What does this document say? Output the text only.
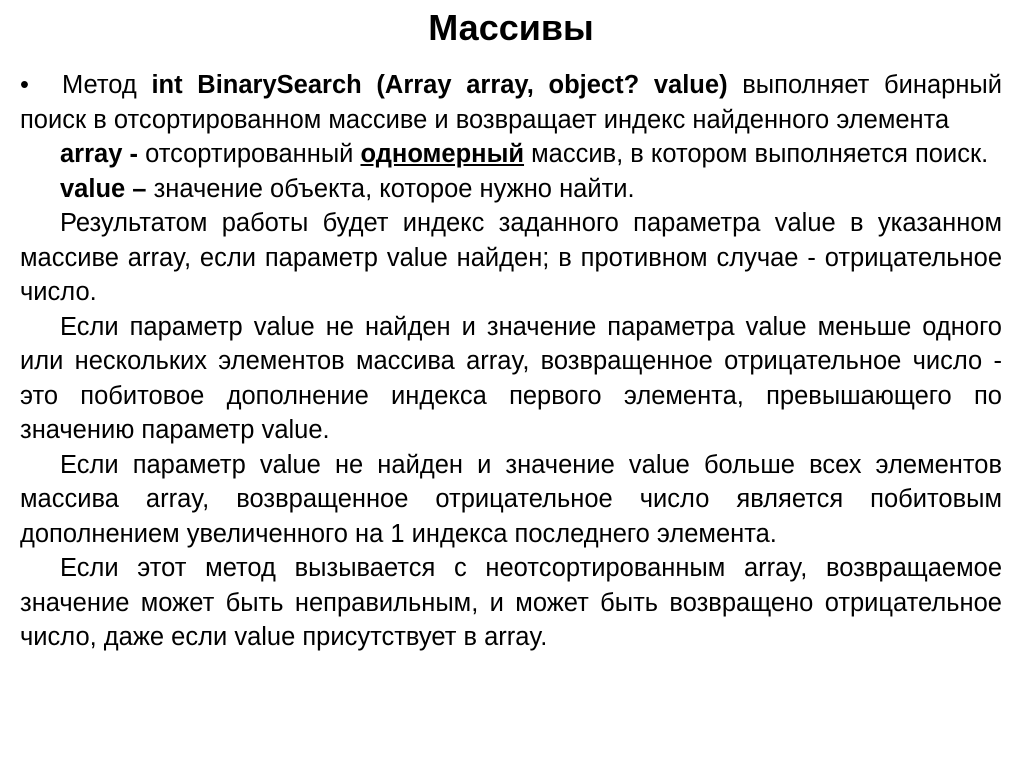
Массивы

• Метод int BinarySearch (Array array, object? value) выполняет бинарный поиск в отсортированном массиве и возвращает индекс найденного элемента

array - отсортированный одномерный массив, в котором выполняется поиск.

value – значение объекта, которое нужно найти.

Результатом работы будет индекс заданного параметра value в указанном массиве array, если параметр value найден; в противном случае - отрицательное число.

Если параметр value не найден и значение параметра value меньше одного или нескольких элементов массива array, возвращенное отрицательное число - это побитовое дополнение индекса первого элемента, превышающего по значению параметр value.

Если параметр value не найден и значение value больше всех элементов массива array, возвращенное отрицательное число является побитовым дополнением увеличенного на 1 индекса последнего элемента.

Если этот метод вызывается с неотсортированным array, возвращаемое значение может быть неправильным, и может быть возвращено отрицательное число, даже если value присутствует в array.
